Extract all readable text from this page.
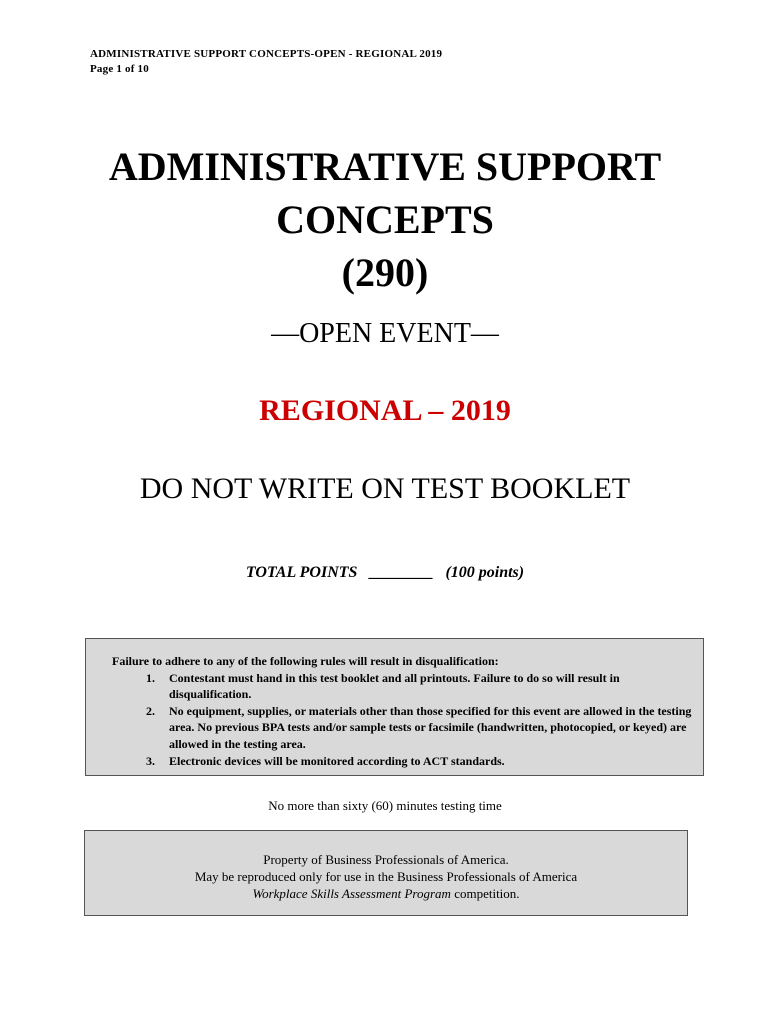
ADMINISTRATIVE SUPPORT CONCEPTS-OPEN - REGIONAL 2019
Page 1 of 10
ADMINISTRATIVE SUPPORT
CONCEPTS
(290)
—OPEN EVENT—
REGIONAL – 2019
DO NOT WRITE ON TEST BOOKLET
TOTAL POINTS ________ (100 points)
Failure to adhere to any of the following rules will result in disqualification:
1. Contestant must hand in this test booklet and all printouts. Failure to do so will result in disqualification.
2. No equipment, supplies, or materials other than those specified for this event are allowed in the testing area. No previous BPA tests and/or sample tests or facsimile (handwritten, photocopied, or keyed) are allowed in the testing area.
3. Electronic devices will be monitored according to ACT standards.
No more than sixty (60) minutes testing time
Property of Business Professionals of America.
May be reproduced only for use in the Business Professionals of America
Workplace Skills Assessment Program competition.
